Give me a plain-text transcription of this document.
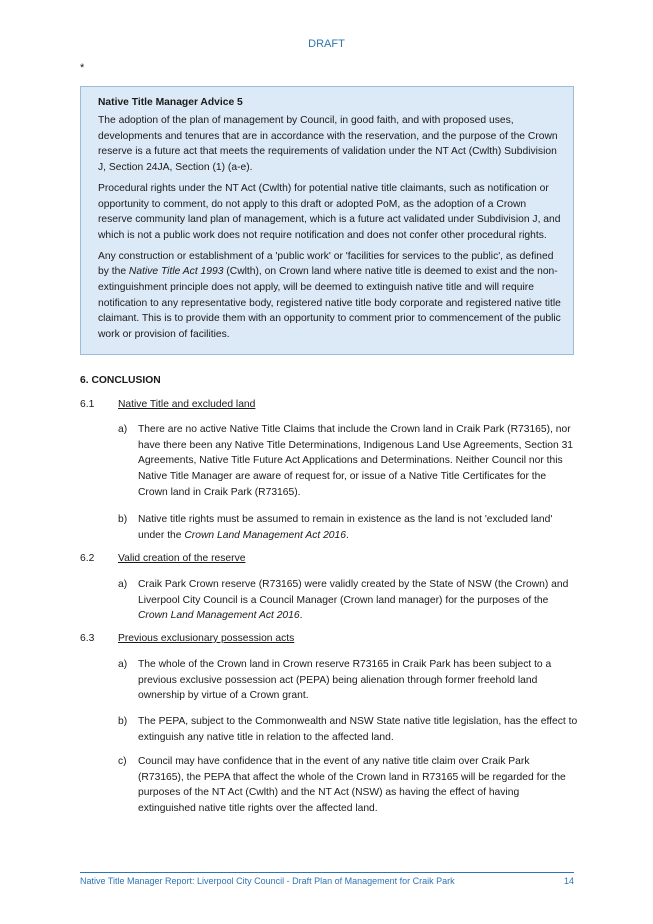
DRAFT
*
Native Title Manager Advice 5

The adoption of the plan of management by Council, in good faith, and with proposed uses, developments and tenures that are in accordance with the reservation, and the purpose of the Crown reserve is a future act that meets the requirements of validation under the NT Act (Cwlth) Subdivision J, Section 24JA, Section (1) (a-e).

Procedural rights under the NT Act (Cwlth) for potential native title claimants, such as notification or opportunity to comment, do not apply to this draft or adopted PoM, as the adoption of a Crown reserve community land plan of management, which is a future act validated under Subdivision J, and which is not a public work does not require notification and does not confer other procedural rights.

Any construction or establishment of a 'public work' or 'facilities for services to the public', as defined by the Native Title Act 1993 (Cwlth), on Crown land where native title is deemed to exist and the non-extinguishment principle does not apply, will be deemed to extinguish native title and will require notification to any representative body, registered native title body corporate and registered native title claimant. This is to provide them with an opportunity to comment prior to commencement of the public work or provision of facilities.

6. CONCLUSION
6.1 Native Title and excluded land
a) There are no active Native Title Claims that include the Crown land in Craik Park (R73165), nor have there been any Native Title Determinations, Indigenous Land Use Agreements, Section 31 Agreements, Native Title Future Act Applications and Determinations. Neither Council nor this Native Title Manager are aware of request for, or issue of a Native Title Certificates for the Crown land in Craik Park (R73165).
b) Native title rights must be assumed to remain in existence as the land is not 'excluded land' under the Crown Land Management Act 2016.
6.2 Valid creation of the reserve
a) Craik Park Crown reserve (R73165) were validly created by the State of NSW (the Crown) and Liverpool City Council is a Council Manager (Crown land manager) for the purposes of the Crown Land Management Act 2016.
6.3 Previous exclusionary possession acts
a) The whole of the Crown land in Crown reserve R73165 in Craik Park has been subject to a previous exclusive possession act (PEPA) being alienation through former freehold land ownership by virtue of a Crown grant.
b) The PEPA, subject to the Commonwealth and NSW State native title legislation, has the effect to extinguish any native title in relation to the affected land.
c) Council may have confidence that in the event of any native title claim over Craik Park (R73165), the PEPA that affect the whole of the Crown land in R73165 will be regarded for the purposes of the NT Act (Cwlth) and the NT Act (NSW) as having the effect of having extinguished native title rights over the affected land.
Native Title Manager Report: Liverpool City Council - Draft Plan of Management for Craik Park	14
